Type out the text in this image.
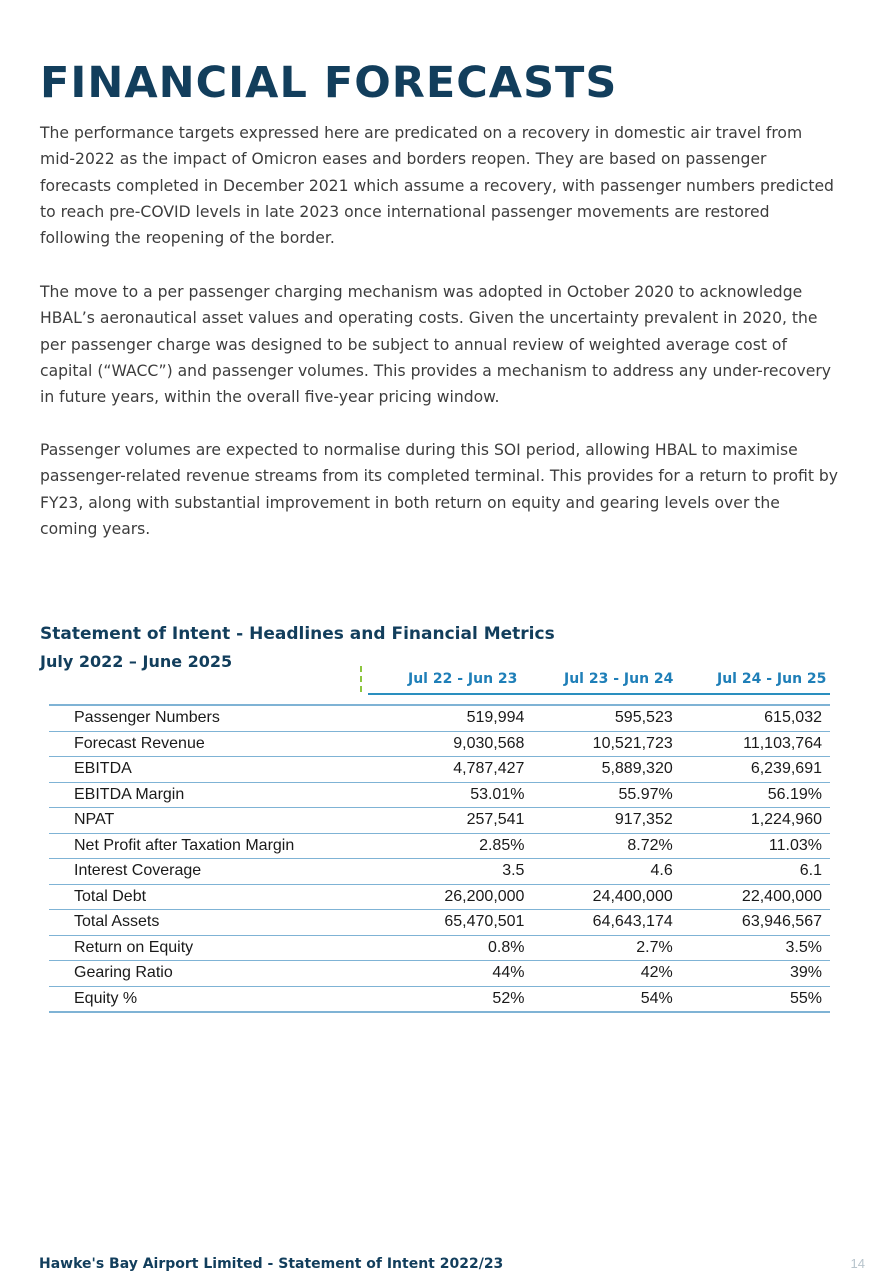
FINANCIAL FORECASTS

The performance targets expressed here are predicated on a recovery in domestic air travel from mid-2022 as the impact of Omicron eases and borders reopen. They are based on passenger forecasts completed in December 2021 which assume a recovery, with passenger numbers predicted to reach pre-COVID levels in late 2023 once international passenger movements are restored following the reopening of the border.

The move to a per passenger charging mechanism was adopted in October 2020 to acknowledge HBAL’s aeronautical asset values and operating costs. Given the uncertainty prevalent in 2020, the per passenger charge was designed to be subject to annual review of weighted average cost of capital (“WACC”) and passenger volumes. This provides a mechanism to address any under-recovery in future years, within the overall five-year pricing window.

Passenger volumes are expected to normalise during this SOI period, allowing HBAL to maximise passenger-related revenue streams from its completed terminal. This provides for a return to profit by FY23, along with substantial improvement in both return on equity and gearing levels over the coming years.

Statement of Intent - Headlines and Financial Metrics
July 2022 – June 2025
Jul 22 - Jun 23	Jul 23 - Jun 24	Jul 24 - Jun 25
Passenger Numbers	519,994	595,523	615,032
Forecast Revenue	9,030,568	10,521,723	11,103,764
EBITDA	4,787,427	5,889,320	6,239,691
EBITDA Margin	53.01%	55.97%	56.19%
NPAT	257,541	917,352	1,224,960
Net Profit after Taxation Margin	2.85%	8.72%	11.03%
Interest Coverage	3.5	4.6	6.1
Total Debt	26,200,000	24,400,000	22,400,000
Total Assets	65,470,501	64,643,174	63,946,567
Return on Equity	0.8%	2.7%	3.5%
Gearing Ratio	44%	42%	39%
Equity %	52%	54%	55%

Hawke's Bay Airport Limited - Statement of Intent 2022/23	14
